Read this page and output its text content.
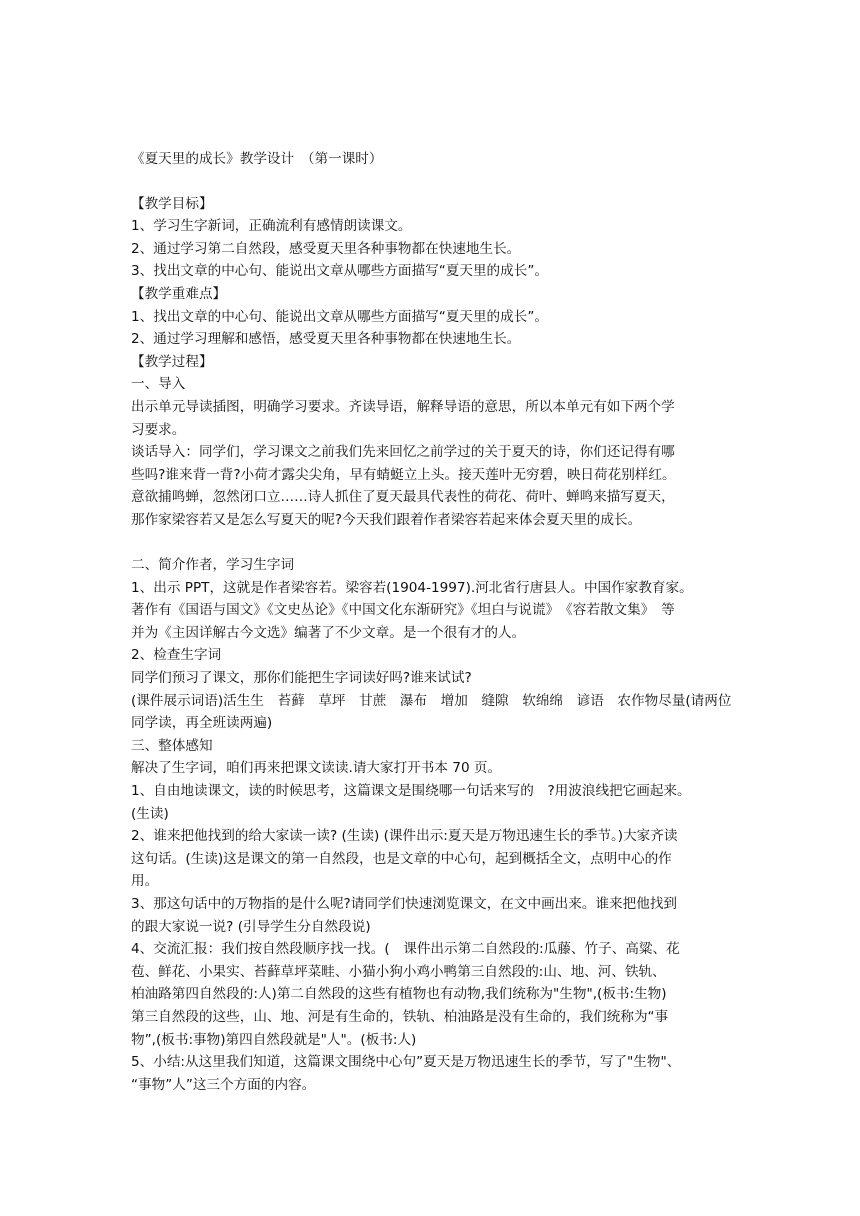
《夏天里的成长》教学设计　（第一课时）
【教学目标】
1、学习生字新词，正确流利有感情朗读课文。
2、通过学习第二自然段，感受夏天里各种事物都在快速地生长。
3、找出文章的中心句、能说出文章从哪些方面描写“夏天里的成长”。
【教学重难点】
1、找出文章的中心句、能说出文章从哪些方面描写“夏天里的成长”。
2、通过学习理解和感悟，感受夏天里各种事物都在快速地生长。
【教学过程】
一、导入
出示单元导读插图，明确学习要求。齐读导语，解释导语的意思，所以本单元有如下两个学
习要求。
谈话导入：同学们，学习课文之前我们先来回忆之前学过的关于夏天的诗，你们还记得有哪
些吗?谁来背一背?小荷才露尖尖角，早有蜻蜓立上头。接天莲叶无穷碧，映日荷花别样红。
意欲捕鸣蝉，忽然闭口立……诗人抓住了夏天最具代表性的荷花、荷叶、蝉鸣来描写夏天，
那作家梁容若又是怎么写夏天的呢?今天我们跟着作者梁容若起来体会夏天里的成长。
二、简介作者，学习生字词
1、出示 PPT，这就是作者梁容若。梁容若(1904-1997).河北省行唐县人。中国作家教育家。
著作有《国语与国文》《文史丛论》《中国文化东渐研究》《坦白与说谎》　《容若散文集》　等
并为《主因详解古今文选》编著了不少文章。是一个很有才的人。
2、检查生字词
同学们预习了课文，那你们能把生字词读好吗?谁来试试?
(课件展示词语)活生生　苔藓　草坪　甘蔗　瀑布　增加　缝隙　软绵绵　谚语　农作物尽量(请两位
同学读，再全班读两遍)
三、整体感知
解决了生字词，咱们再来把课文读读.请大家打开书本 70 页。
1、自由地读课文，读的时候思考，这篇课文是围绕哪一句话来写的　?用波浪线把它画起来。
(生读)
2、谁来把他找到的给大家读一读? (生读) (课件出示:夏天是万物迅速生长的季节。)大家齐读
这句话。(生读)这是课文的第一自然段，也是文章的中心句，起到概括全文，点明中心的作
用。
3、那这句话中的万物指的是什么呢?请同学们快速浏览课文，在文中画出来。谁来把他找到
的跟大家说一说? (引导学生分自然段说)
4、交流汇报：我们按自然段顺序找一找。(　课件出示第二自然段的:瓜藤、竹子、高粱、花
苞、鲜花、小果实、苔藓草坪菜畦、小猫小狗小鸡小鸭第三自然段的:山、地、河、铁轨、
柏油路第四自然段的:人)第二自然段的这些有植物也有动物,我们统称为"生物",(板书:生物)
第三自然段的这些，山、地、河是有生命的，铁轨、柏油路是没有生命的，我们统称为“事
物”,(板书:事物)第四自然段就是"人"。(板书:人)
5、小结:从这里我们知道，这篇课文围绕中心句”夏天是万物迅速生长的季节，写了"生物"、
“事物”人”这三个方面的内容。
